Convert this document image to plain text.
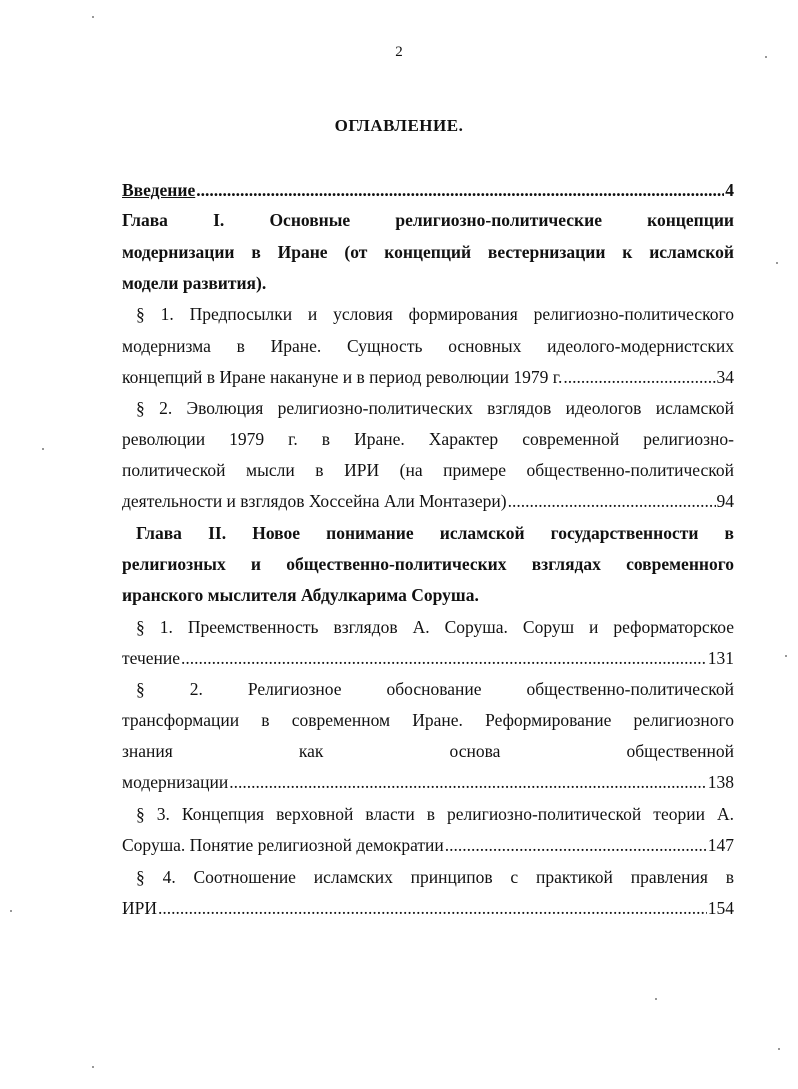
2
ОГЛАВЛЕНИЕ.
Введение .....	4
Глава I. Основные религиозно-политические концепции
модернизации в Иране (от концепций вестернизации к исламской
модели развития).
§ 1. Предпосылки и условия формирования религиозно-политического
модернизма в Иране. Сущность основных идеолого-модернистских
концепций в Иране накануне и в период революции 1979 г. .....	34
§ 2. Эволюция религиозно-политических взглядов идеологов исламской
революции 1979 г. в Иране. Характер современной религиозно-
политической мысли в ИРИ (на примере общественно-политической
деятельности и взглядов Хоссейна Али Монтазери) .....	94
Глава II. Новое понимание исламской государственности в
религиозных и общественно-политических взглядах современного
иранского мыслителя Абдулкарима Соруша.
§ 1. Преемственность взглядов А. Соруша. Соруш и реформаторское
течение .....	131
§ 2. Религиозное обоснование общественно-политической
трансформации в современном Иране. Реформирование религиозного
знания как основа общественной
модернизации .....	138
§ 3. Концепция верховной власти в религиозно-политической теории А.
Соруша. Понятие религиозной демократии .....	147
§ 4. Соотношение исламских принципов с практикой правления в
ИРИ .....	154
